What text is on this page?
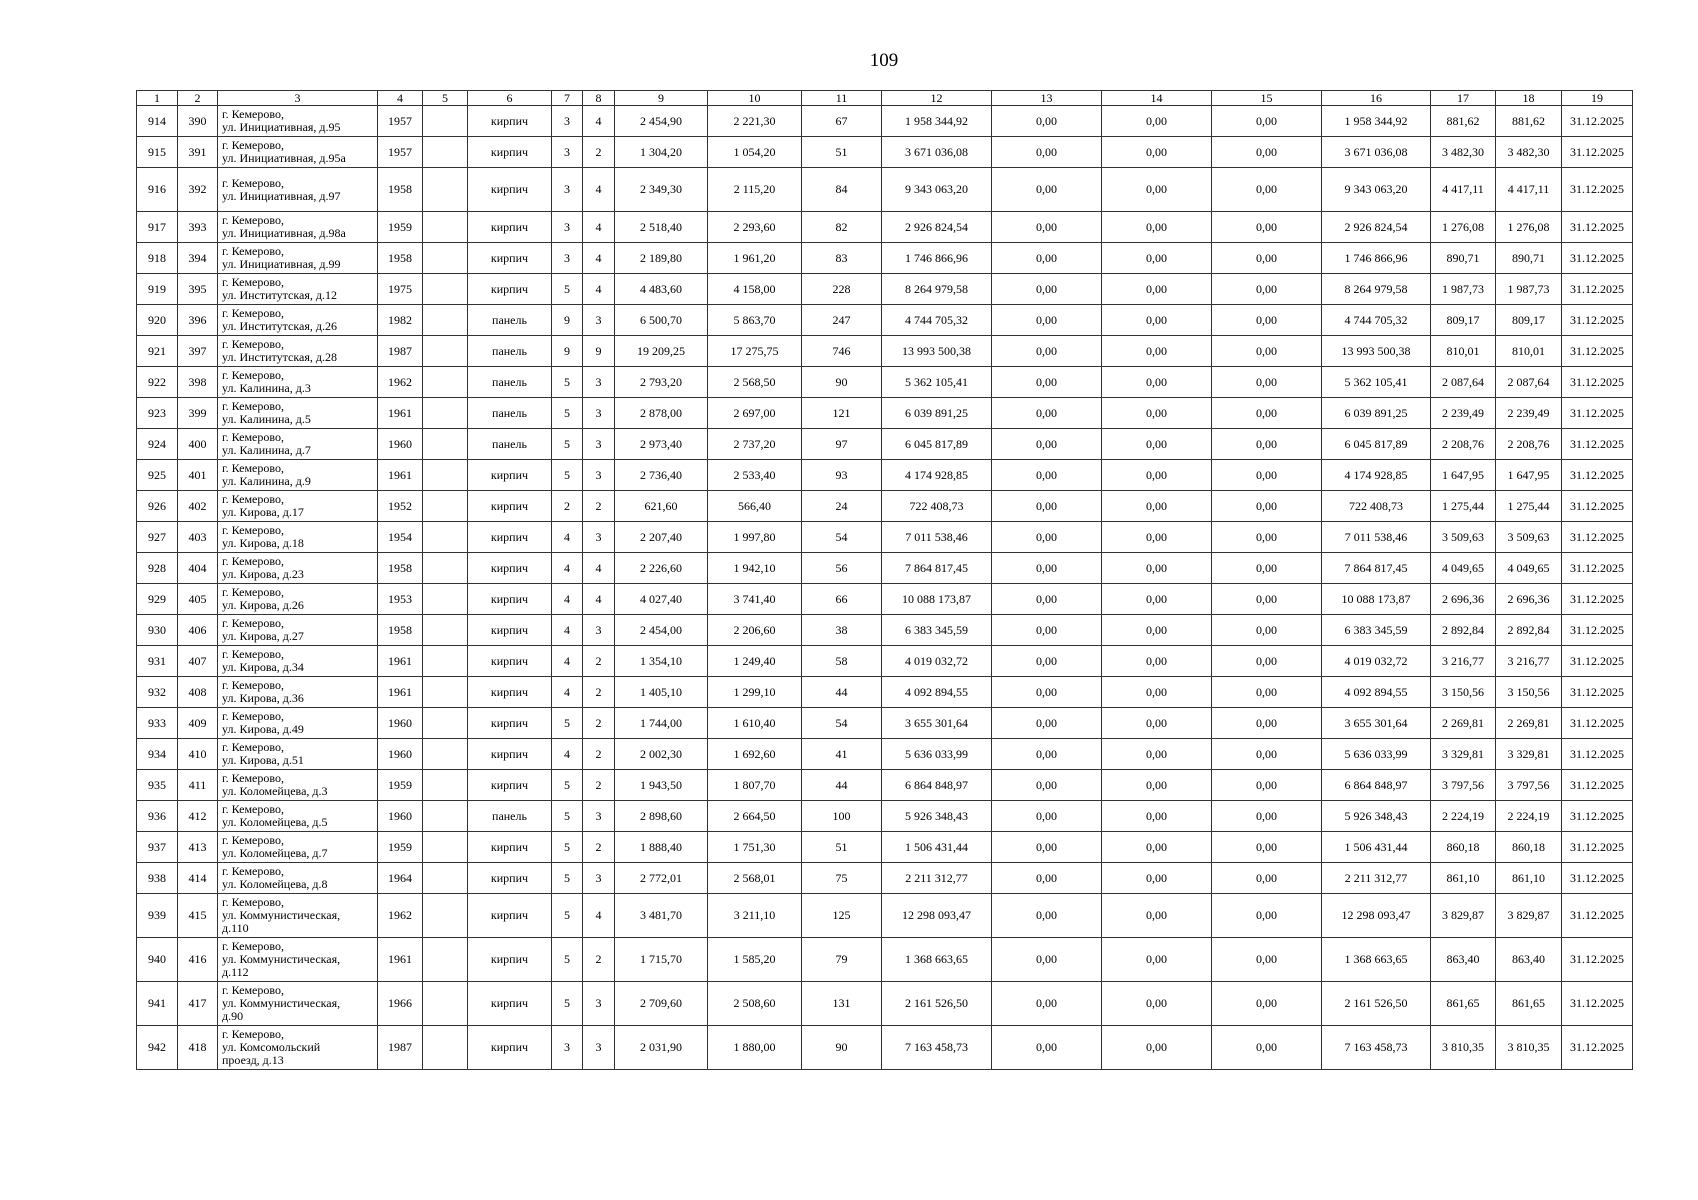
109
1	2	3	4	5	6	7	8	9	10	11	12	13	14	15	16	17	18	19
914	390	г. Кемерово,
ул. Инициативная, д.95	1957		кирпич	3	4	2 454,90	2 221,30	67	1 958 344,92	0,00	0,00	0,00	1 958 344,92	881,62	881,62	31.12.2025
915	391	г. Кемерово,
ул. Инициативная, д.95а	1957		кирпич	3	2	1 304,20	1 054,20	51	3 671 036,08	0,00	0,00	0,00	3 671 036,08	3 482,30	3 482,30	31.12.2025
916	392	г. Кемерово,
ул. Инициативная, д.97	1958		кирпич	3	4	2 349,30	2 115,20	84	9 343 063,20	0,00	0,00	0,00	9 343 063,20	4 417,11	4 417,11	31.12.2025
917	393	г. Кемерово,
ул. Инициативная, д.98а	1959		кирпич	3	4	2 518,40	2 293,60	82	2 926 824,54	0,00	0,00	0,00	2 926 824,54	1 276,08	1 276,08	31.12.2025
918	394	г. Кемерово,
ул. Инициативная, д.99	1958		кирпич	3	4	2 189,80	1 961,20	83	1 746 866,96	0,00	0,00	0,00	1 746 866,96	890,71	890,71	31.12.2025
919	395	г. Кемерово,
ул. Институтская, д.12	1975		кирпич	5	4	4 483,60	4 158,00	228	8 264 979,58	0,00	0,00	0,00	8 264 979,58	1 987,73	1 987,73	31.12.2025
920	396	г. Кемерово,
ул. Институтская, д.26	1982		панель	9	3	6 500,70	5 863,70	247	4 744 705,32	0,00	0,00	0,00	4 744 705,32	809,17	809,17	31.12.2025
921	397	г. Кемерово,
ул. Институтская, д.28	1987		панель	9	9	19 209,25	17 275,75	746	13 993 500,38	0,00	0,00	0,00	13 993 500,38	810,01	810,01	31.12.2025
922	398	г. Кемерово,
ул. Калинина, д.3	1962		панель	5	3	2 793,20	2 568,50	90	5 362 105,41	0,00	0,00	0,00	5 362 105,41	2 087,64	2 087,64	31.12.2025
923	399	г. Кемерово,
ул. Калинина, д.5	1961		панель	5	3	2 878,00	2 697,00	121	6 039 891,25	0,00	0,00	0,00	6 039 891,25	2 239,49	2 239,49	31.12.2025
924	400	г. Кемерово,
ул. Калинина, д.7	1960		панель	5	3	2 973,40	2 737,20	97	6 045 817,89	0,00	0,00	0,00	6 045 817,89	2 208,76	2 208,76	31.12.2025
925	401	г. Кемерово,
ул. Калинина, д.9	1961		кирпич	5	3	2 736,40	2 533,40	93	4 174 928,85	0,00	0,00	0,00	4 174 928,85	1 647,95	1 647,95	31.12.2025
926	402	г. Кемерово,
ул. Кирова, д.17	1952		кирпич	2	2	621,60	566,40	24	722 408,73	0,00	0,00	0,00	722 408,73	1 275,44	1 275,44	31.12.2025
927	403	г. Кемерово,
ул. Кирова, д.18	1954		кирпич	4	3	2 207,40	1 997,80	54	7 011 538,46	0,00	0,00	0,00	7 011 538,46	3 509,63	3 509,63	31.12.2025
928	404	г. Кемерово,
ул. Кирова, д.23	1958		кирпич	4	4	2 226,60	1 942,10	56	7 864 817,45	0,00	0,00	0,00	7 864 817,45	4 049,65	4 049,65	31.12.2025
929	405	г. Кемерово,
ул. Кирова, д.26	1953		кирпич	4	4	4 027,40	3 741,40	66	10 088 173,87	0,00	0,00	0,00	10 088 173,87	2 696,36	2 696,36	31.12.2025
930	406	г. Кемерово,
ул. Кирова, д.27	1958		кирпич	4	3	2 454,00	2 206,60	38	6 383 345,59	0,00	0,00	0,00	6 383 345,59	2 892,84	2 892,84	31.12.2025
931	407	г. Кемерово,
ул. Кирова, д.34	1961		кирпич	4	2	1 354,10	1 249,40	58	4 019 032,72	0,00	0,00	0,00	4 019 032,72	3 216,77	3 216,77	31.12.2025
932	408	г. Кемерово,
ул. Кирова, д.36	1961		кирпич	4	2	1 405,10	1 299,10	44	4 092 894,55	0,00	0,00	0,00	4 092 894,55	3 150,56	3 150,56	31.12.2025
933	409	г. Кемерово,
ул. Кирова, д.49	1960		кирпич	5	2	1 744,00	1 610,40	54	3 655 301,64	0,00	0,00	0,00	3 655 301,64	2 269,81	2 269,81	31.12.2025
934	410	г. Кемерово,
ул. Кирова, д.51	1960		кирпич	4	2	2 002,30	1 692,60	41	5 636 033,99	0,00	0,00	0,00	5 636 033,99	3 329,81	3 329,81	31.12.2025
935	411	г. Кемерово,
ул. Коломейцева, д.3	1959		кирпич	5	2	1 943,50	1 807,70	44	6 864 848,97	0,00	0,00	0,00	6 864 848,97	3 797,56	3 797,56	31.12.2025
936	412	г. Кемерово,
ул. Коломейцева, д.5	1960		панель	5	3	2 898,60	2 664,50	100	5 926 348,43	0,00	0,00	0,00	5 926 348,43	2 224,19	2 224,19	31.12.2025
937	413	г. Кемерово,
ул. Коломейцева, д.7	1959		кирпич	5	2	1 888,40	1 751,30	51	1 506 431,44	0,00	0,00	0,00	1 506 431,44	860,18	860,18	31.12.2025
938	414	г. Кемерово,
ул. Коломейцева, д.8	1964		кирпич	5	3	2 772,01	2 568,01	75	2 211 312,77	0,00	0,00	0,00	2 211 312,77	861,10	861,10	31.12.2025
939	415	г. Кемерово,
ул. Коммунистическая,
д.110	1962		кирпич	5	4	3 481,70	3 211,10	125	12 298 093,47	0,00	0,00	0,00	12 298 093,47	3 829,87	3 829,87	31.12.2025
940	416	г. Кемерово,
ул. Коммунистическая,
д.112	1961		кирпич	5	2	1 715,70	1 585,20	79	1 368 663,65	0,00	0,00	0,00	1 368 663,65	863,40	863,40	31.12.2025
941	417	г. Кемерово,
ул. Коммунистическая,
д.90	1966		кирпич	5	3	2 709,60	2 508,60	131	2 161 526,50	0,00	0,00	0,00	2 161 526,50	861,65	861,65	31.12.2025
942	418	г. Кемерово,
ул. Комсомольский
проезд, д.13	1987		кирпич	3	3	2 031,90	1 880,00	90	7 163 458,73	0,00	0,00	0,00	7 163 458,73	3 810,35	3 810,35	31.12.2025
